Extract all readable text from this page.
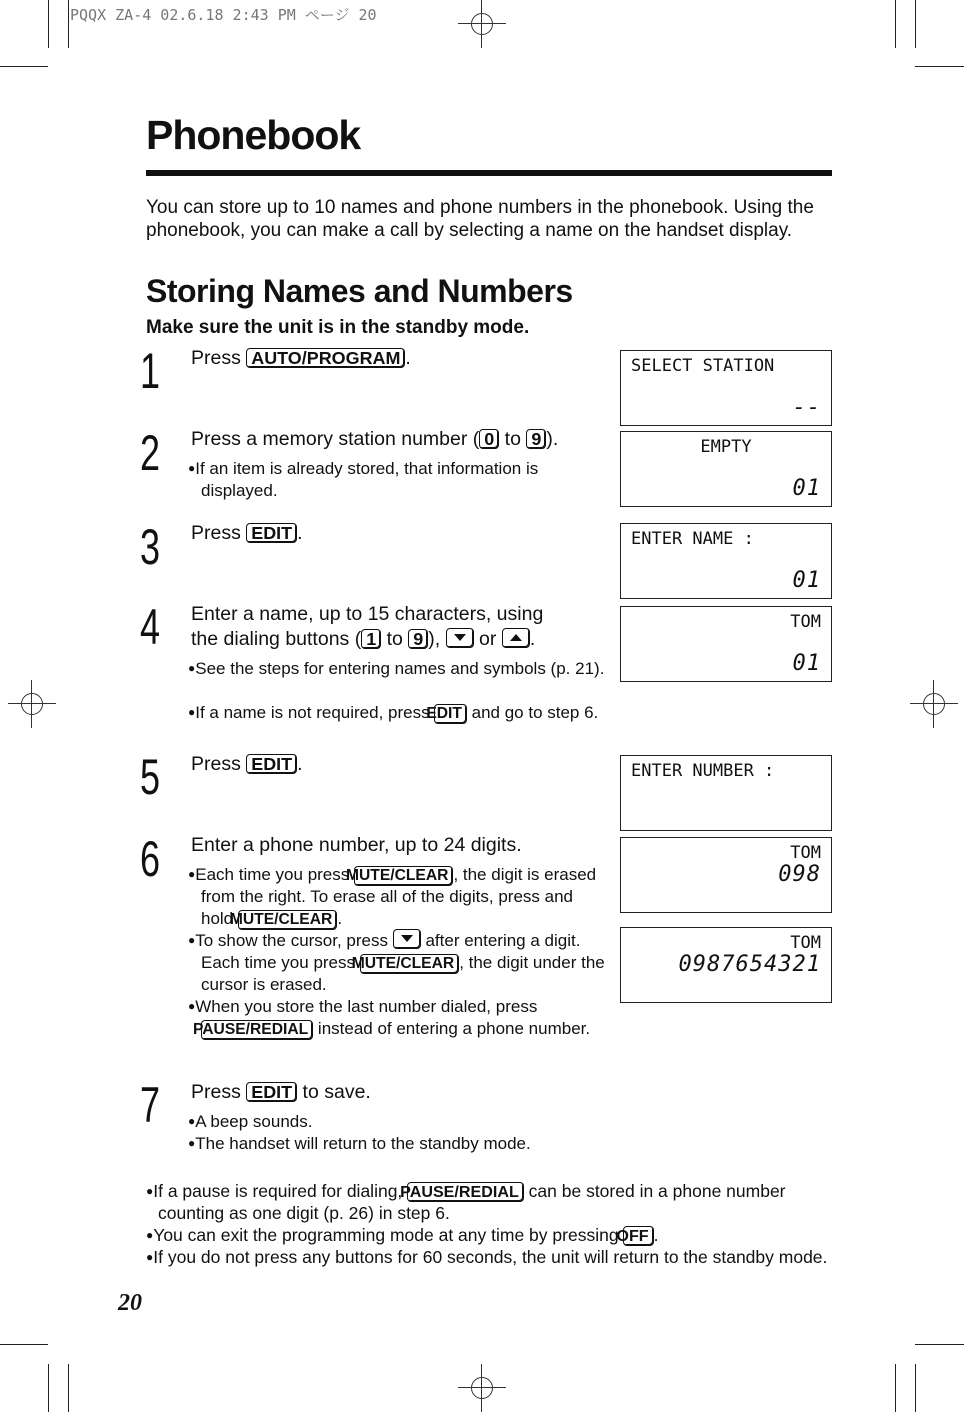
PQQX ZA-4 02.6.18 2:43 PM ページ 20
Phonebook
You can store up to 10 names and phone numbers in the phonebook. Using the phonebook, you can make a call by selecting a name on the handset display.
Storing Names and Numbers
Make sure the unit is in the standby mode.
1 Press AUTO/PROGRAM .
2 Press a memory station number ( 0 to 9 ).
●If an item is already stored, that information is displayed.
3 Press EDIT .
4 Enter a name, up to 15 characters, using
the dialing buttons ( 1 to 9 ),
or
.
●See the steps for entering names and symbols (p. 21).
●If a name is not required, press EDIT and go to step 6.
5 Press EDIT .
6 Enter a phone number, up to 24 digits.
●Each time you press MUTE/CLEAR , the digit is erased from the right. To erase all of the digits, press and hold MUTE/CLEAR .
●To show the cursor, press
after entering a digit. Each time you press MUTE/CLEAR , the digit under the cursor is erased.
●When you store the last number dialed, press PAUSE/REDIAL instead of entering a phone number.
7 Press EDIT to save.
●A beep sounds.
●The handset will return to the standby mode.
SELECT STATION
--
EMPTY
01
ENTER NAME :
01
TOM
01
ENTER NUMBER :
TOM
098
TOM
0987654321
●If a pause is required for dialing, PAUSE/REDIAL can be stored in a phone number counting as one digit (p. 26) in step 6.
●You can exit the programming mode at any time by pressing OFF .
●If you do not press any buttons for 60 seconds, the unit will return to the standby mode.
20
